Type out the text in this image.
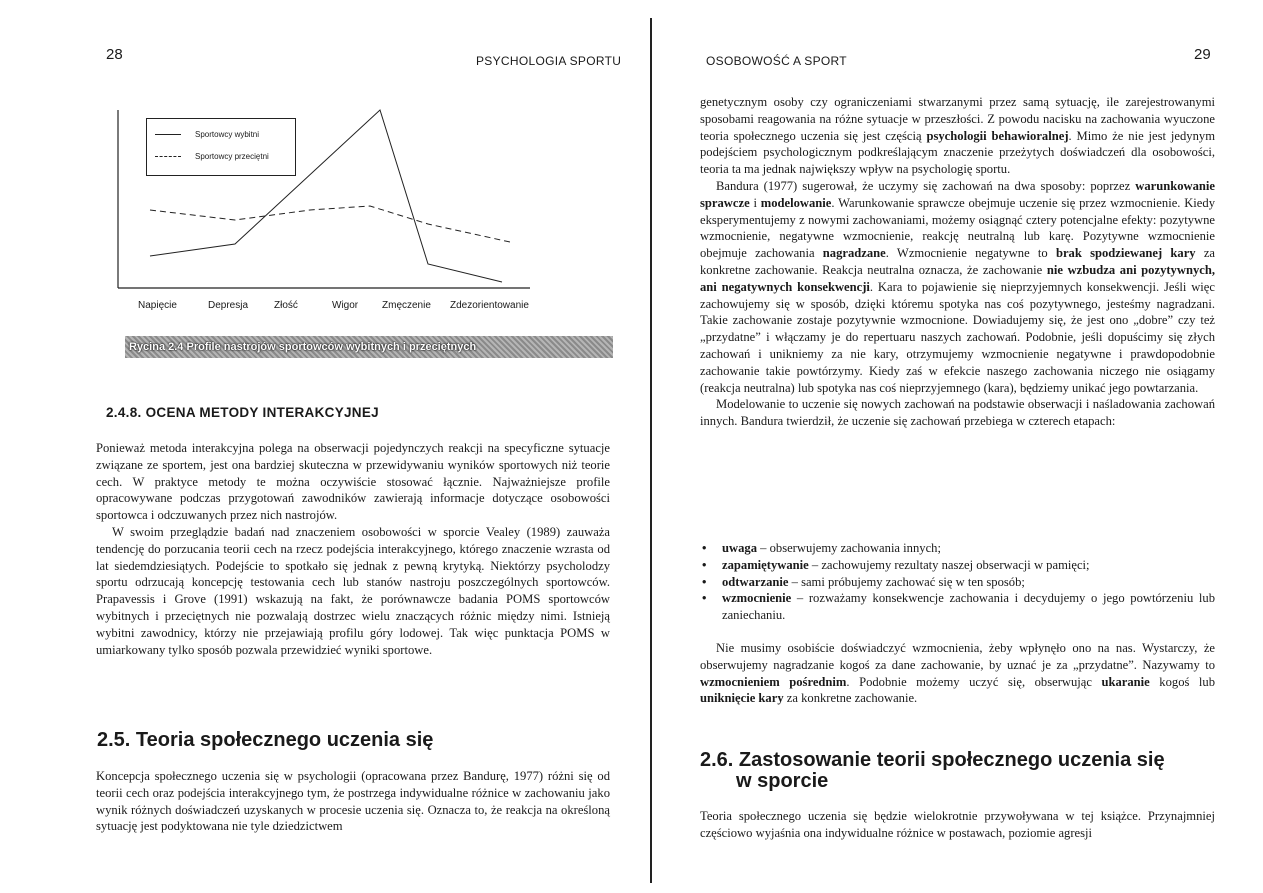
28	PSYCHOLOGIA SPORTU
Sportowcy wybitni
Sportowcy przeciętni
Napięcie	Depresja	Złość	Wigor Zmęczenie Zdezorientowanie
Rycina 2.4 Profile nastrojów sportowców wybitnych i przeciętnych
2.4.8. OCENA METODY INTERAKCYJNEJ

Ponieważ metoda interakcyjna polega na obserwacji pojedynczych reakcji na specyficzne sytuacje związane ze sportem, jest ona bardziej skuteczna w przewidywaniu wyników sportowych niż teorie cech. W praktyce metody te można oczywiście stosować łącznie. Najważniejsze profile opracowywane podczas przygotowań zawodników zawierają informacje dotyczące osobowości sportowca i odczuwanych przez nich nastrojów.

W swoim przeglądzie badań nad znaczeniem osobowości w sporcie Vealey (1989) zauważa tendencję do porzucania teorii cech na rzecz podejścia interakcyjnego, którego znaczenie wzrasta od lat siedemdziesiątych. Podejście to spotkało się jednak z pewną krytyką. Niektórzy psycholodzy sportu odrzucają koncepcję testowania cech lub stanów nastroju poszczególnych sportowców. Prapavessis i Grove (1991) wskazują na fakt, że porównawcze badania POMS sportowców wybitnych i przeciętnych nie pozwalają dostrzec wielu znaczących różnic między nimi. Istnieją wybitni zawodnicy, którzy nie przejawiają profilu góry lodowej. Tak więc punktacja POMS w umiarkowany tylko sposób pozwala przewidzieć wyniki sportowe.

2.5. Teoria społecznego uczenia się

Koncepcja społecznego uczenia się w psychologii (opracowana przez Bandurę, 1977) różni się od teorii cech oraz podejścia interakcyjnego tym, że postrzega indywidualne różnice w zachowaniu jako wynik różnych doświadczeń uzyskanych w procesie uczenia się. Oznacza to, że reakcja na określoną sytuację jest podyktowana nie tyle dziedzictwem

OSOBOWOŚĆ A SPORT	29

genetycznym osoby czy ograniczeniami stwarzanymi przez samą sytuację, ile zarejestrowanymi sposobami reagowania na różne sytuacje w przeszłości. Z powodu nacisku na zachowania wyuczone teoria społecznego uczenia się jest częścią psychologii behawioralnej. Mimo że nie jest jedynym podejściem psychologicznym podkreślającym znaczenie przeżytych doświadczeń dla osobowości, teoria ta ma jednak największy wpływ na psychologię sportu.

Bandura (1977) sugerował, że uczymy się zachowań na dwa sposoby: poprzez warunkowanie sprawcze i modelowanie. Warunkowanie sprawcze obejmuje uczenie się przez wzmocnienie. Kiedy eksperymentujemy z nowymi zachowaniami, możemy osiągnąć cztery potencjalne efekty: pozytywne wzmocnienie, negatywne wzmocnienie, reakcję neutralną lub karę. Pozytywne wzmocnienie obejmuje zachowania nagradzane. Wzmocnienie negatywne to brak spodziewanej kary za konkretne zachowanie. Reakcja neutralna oznacza, że zachowanie nie wzbudza ani pozytywnych, ani negatywnych konsekwencji. Kara to pojawienie się nieprzyjemnych konsekwencji. Jeśli więc zachowujemy się w sposób, dzięki któremu spotyka nas coś pozytywnego, jesteśmy nagradzani. Takie zachowanie zostaje pozytywnie wzmocnione. Dowiadujemy się, że jest ono „dobre” czy też „przydatne” i włączamy je do repertuaru naszych zachowań. Podobnie, jeśli dopuścimy się złych zachowań i unikniemy za nie kary, otrzymujemy wzmocnienie negatywne i prawdopodobnie zachowanie takie powtórzymy. Kiedy zaś w efekcie naszego zachowania niczego nie osiągamy (reakcja neutralna) lub spotyka nas coś nieprzyjemnego (kara), będziemy unikać jego powtarzania.

Modelowanie to uczenie się nowych zachowań na podstawie obserwacji i naśladowania zachowań innych. Bandura twierdził, że uczenie się zachowań przebiega w czterech etapach:

• uwaga – obserwujemy zachowania innych;
• zapamiętywanie – zachowujemy rezultaty naszej obserwacji w pamięci;
• odtwarzanie – sami próbujemy zachować się w ten sposób;
• wzmocnienie – rozważamy konsekwencje zachowania i decydujemy o jego powtórzeniu lub zaniechaniu.

Nie musimy osobiście doświadczyć wzmocnienia, żeby wpłynęło ono na nas. Wystarczy, że obserwujemy nagradzanie kogoś za dane zachowanie, by uznać je za „przydatne”. Nazywamy to wzmocnieniem pośrednim. Podobnie możemy uczyć się, obserwując ukaranie kogoś lub uniknięcie kary za konkretne zachowanie.

2.6. Zastosowanie teorii społecznego uczenia się
w sporcie

Teoria społecznego uczenia się będzie wielokrotnie przywoływana w tej książce. Przynajmniej częściowo wyjaśnia ona indywidualne różnice w postawach, poziomie agresji
